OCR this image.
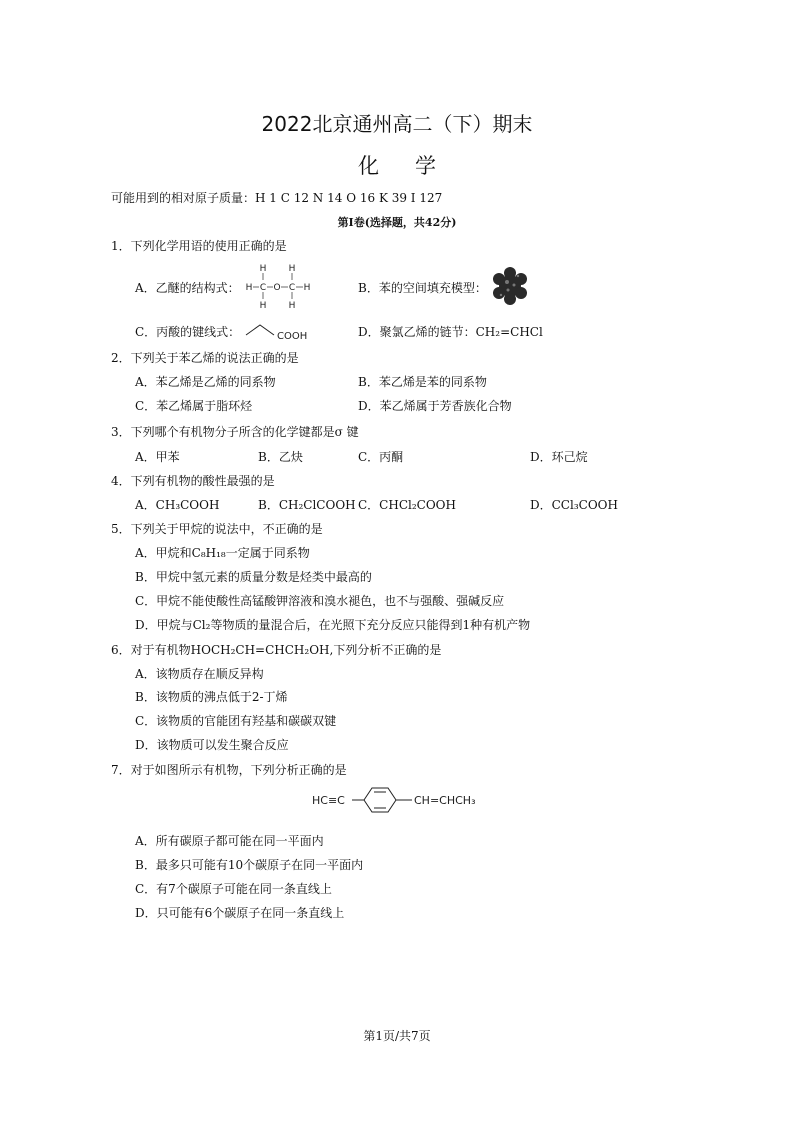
2022北京通州高二（下）期末
化学
可能用到的相对原子质量：H 1 C 12 N 14 O 16 K 39 I 127
第Ⅰ卷(选择题，共42分)
1．下列化学用语的使用正确的是
A．乙醚的结构式：
H H
H C O C H
H H
B．苯的空间填充模型：
C．丙酸的键线式：	COOH	D．聚氯乙烯的链节：CH₂=CHCl
2．下列关于苯乙烯的说法正确的是
A．苯乙烯是乙烯的同系物	B．苯乙烯是苯的同系物
C．苯乙烯属于脂环烃	D．苯乙烯属于芳香族化合物
3．下列哪个有机物分子所含的化学键都是σ 键
A．甲苯	B．乙炔	C．丙酮	D．环己烷
4．下列有机物的酸性最强的是
A．CH₃COOH	B．CH₂ClCOOH C．CHCl₂COOH	D．CCl₃COOH
5．下列关于甲烷的说法中，不正确的是
A．甲烷和C₈H₁₈一定属于同系物
B．甲烷中氢元素的质量分数是烃类中最高的
C．甲烷不能使酸性高锰酸钾溶液和溴水褪色，也不与强酸、强碱反应
D．甲烷与Cl₂等物质的量混合后，在光照下充分反应只能得到1种有机产物
6．对于有机物HOCH₂CH=CHCH₂OH,下列分析不正确的是
A．该物质存在顺反异构
B．该物质的沸点低于2-丁烯
C．该物质的官能团有羟基和碳碳双键
D．该物质可以发生聚合反应
7．对于如图所示有机物，下列分析正确的是
HC≡C	CH=CHCH₃
A．所有碳原子都可能在同一平面内
B．最多只可能有10个碳原子在同一平面内
C．有7个碳原子可能在同一条直线上
D．只可能有6个碳原子在同一条直线上
第1页/共7页
